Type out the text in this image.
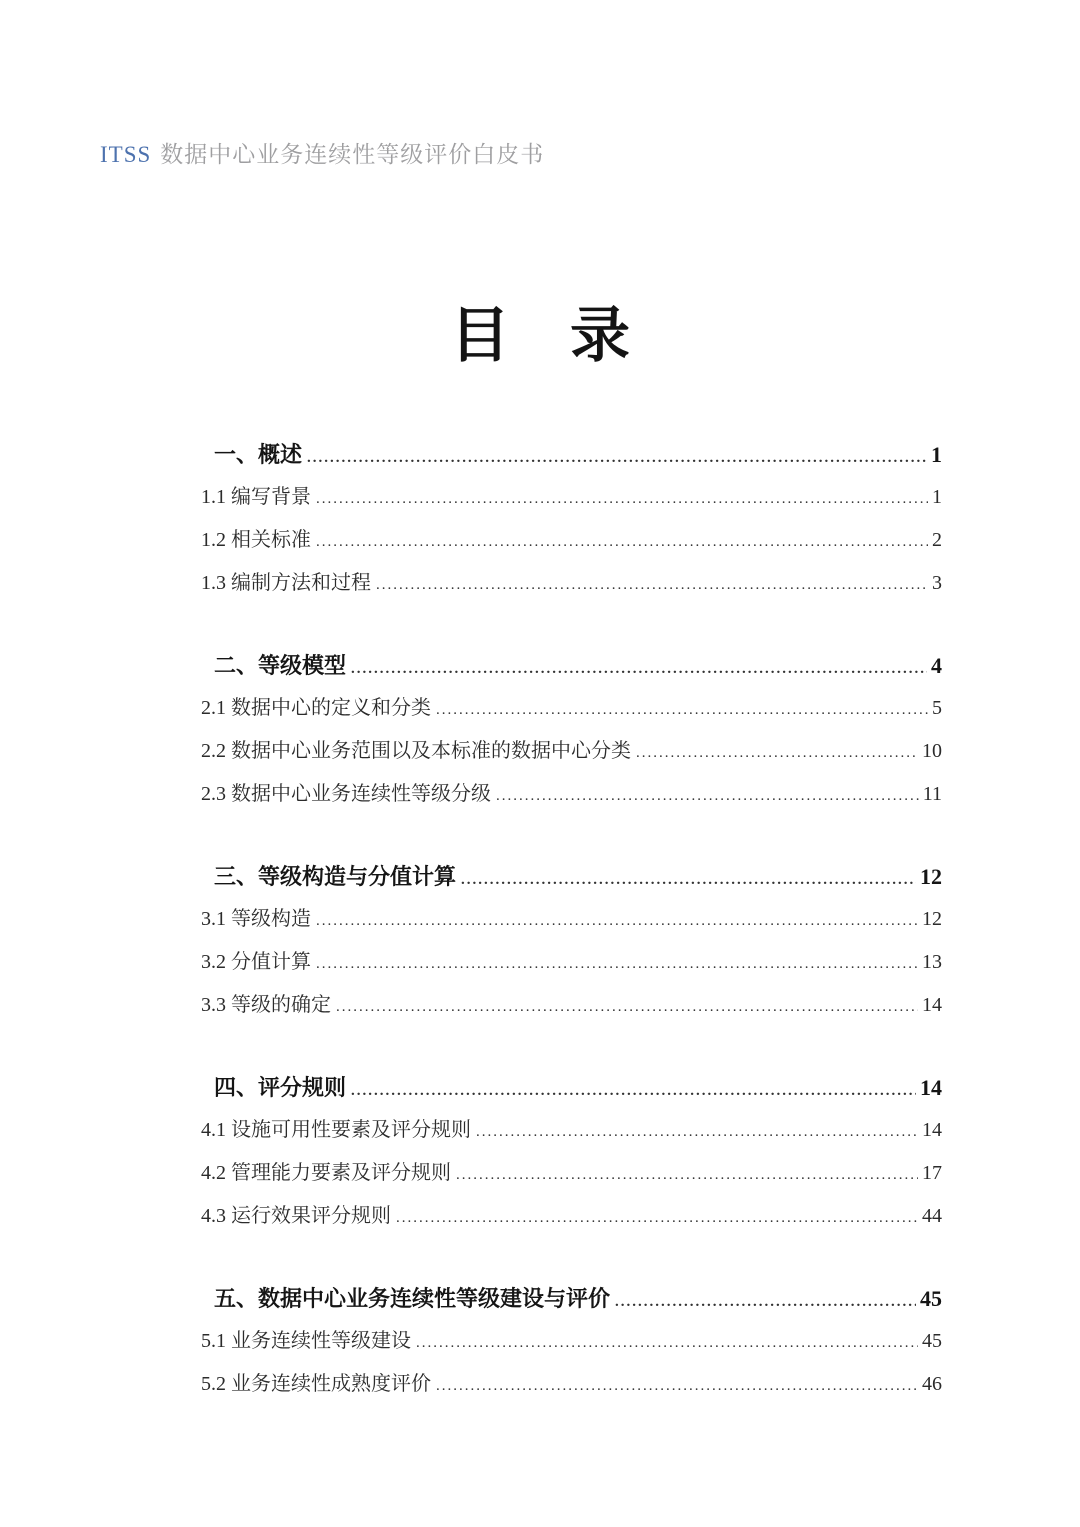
ITSS 数据中心业务连续性等级评价白皮书
目    录
一、概述 .....	1
1.1 编写背景 .....	1
1.2 相关标准 .....	2
1.3 编制方法和过程 .....	3
二、等级模型 .....	4
2.1 数据中心的定义和分类 .....	5
2.2 数据中心业务范围以及本标准的数据中心分类 .....	10
2.3 数据中心业务连续性等级分级 .....	11
三、等级构造与分值计算 .....	12
3.1 等级构造 .....	12
3.2 分值计算 .....	13
3.3 等级的确定 .....	14
四、评分规则 .....	14
4.1 设施可用性要素及评分规则 .....	14
4.2 管理能力要素及评分规则 .....	17
4.3 运行效果评分规则 .....	44
五、数据中心业务连续性等级建设与评价 .....	45
5.1 业务连续性等级建设 .....	45
5.2 业务连续性成熟度评价 .....	46
